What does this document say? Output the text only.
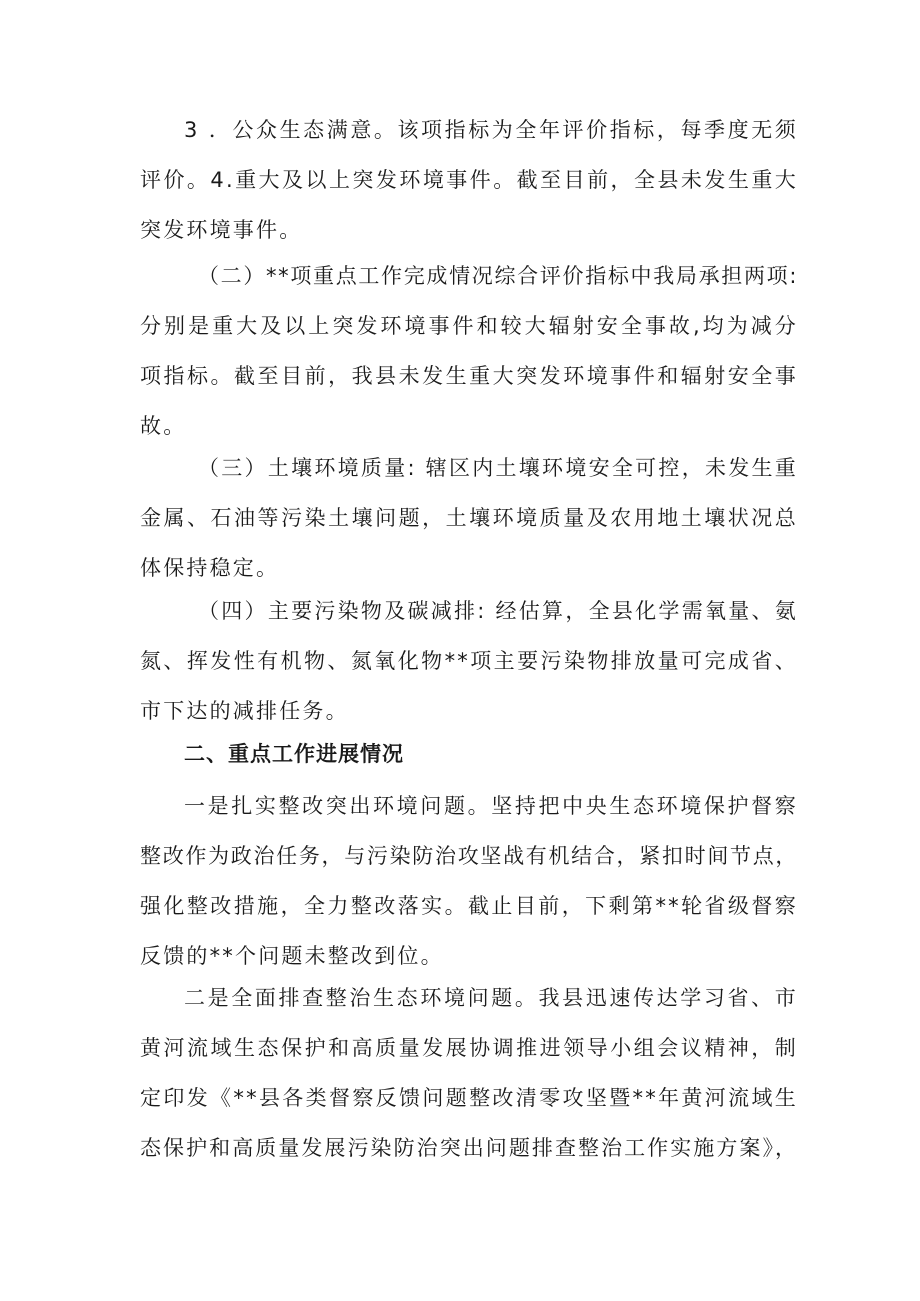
3 ．公众生态满意。该项指标为全年评价指标，每季度无须
评价。4.重大及以上突发环境事件。截至目前，全县未发生重大
突发环境事件。
（二）**项重点工作完成情况综合评价指标中我局承担两项:
分别是重大及以上突发环境事件和较大辐射安全事故,均为减分
项指标。截至目前，我县未发生重大突发环境事件和辐射安全事
故。
（三）土壤环境质量: 辖区内土壤环境安全可控，未发生重
金属、石油等污染土壤问题，土壤环境质量及农用地土壤状况总
体保持稳定。
（四）主要污染物及碳减排: 经估算，全县化学需氧量、氨
氮、挥发性有机物、氮氧化物**项主要污染物排放量可完成省、
市下达的减排任务。
二、重点工作进展情况
一是扎实整改突出环境问题。坚持把中央生态环境保护督察
整改作为政治任务，与污染防治攻坚战有机结合，紧扣时间节点，
强化整改措施，全力整改落实。截止目前，下剩第**轮省级督察
反馈的**个问题未整改到位。
二是全面排查整治生态环境问题。我县迅速传达学习省、市
黄河流域生态保护和高质量发展协调推进领导小组会议精神，制
定印发《**县各类督察反馈问题整改清零攻坚暨**年黄河流域生
态保护和高质量发展污染防治突出问题排查整治工作实施方案》，
